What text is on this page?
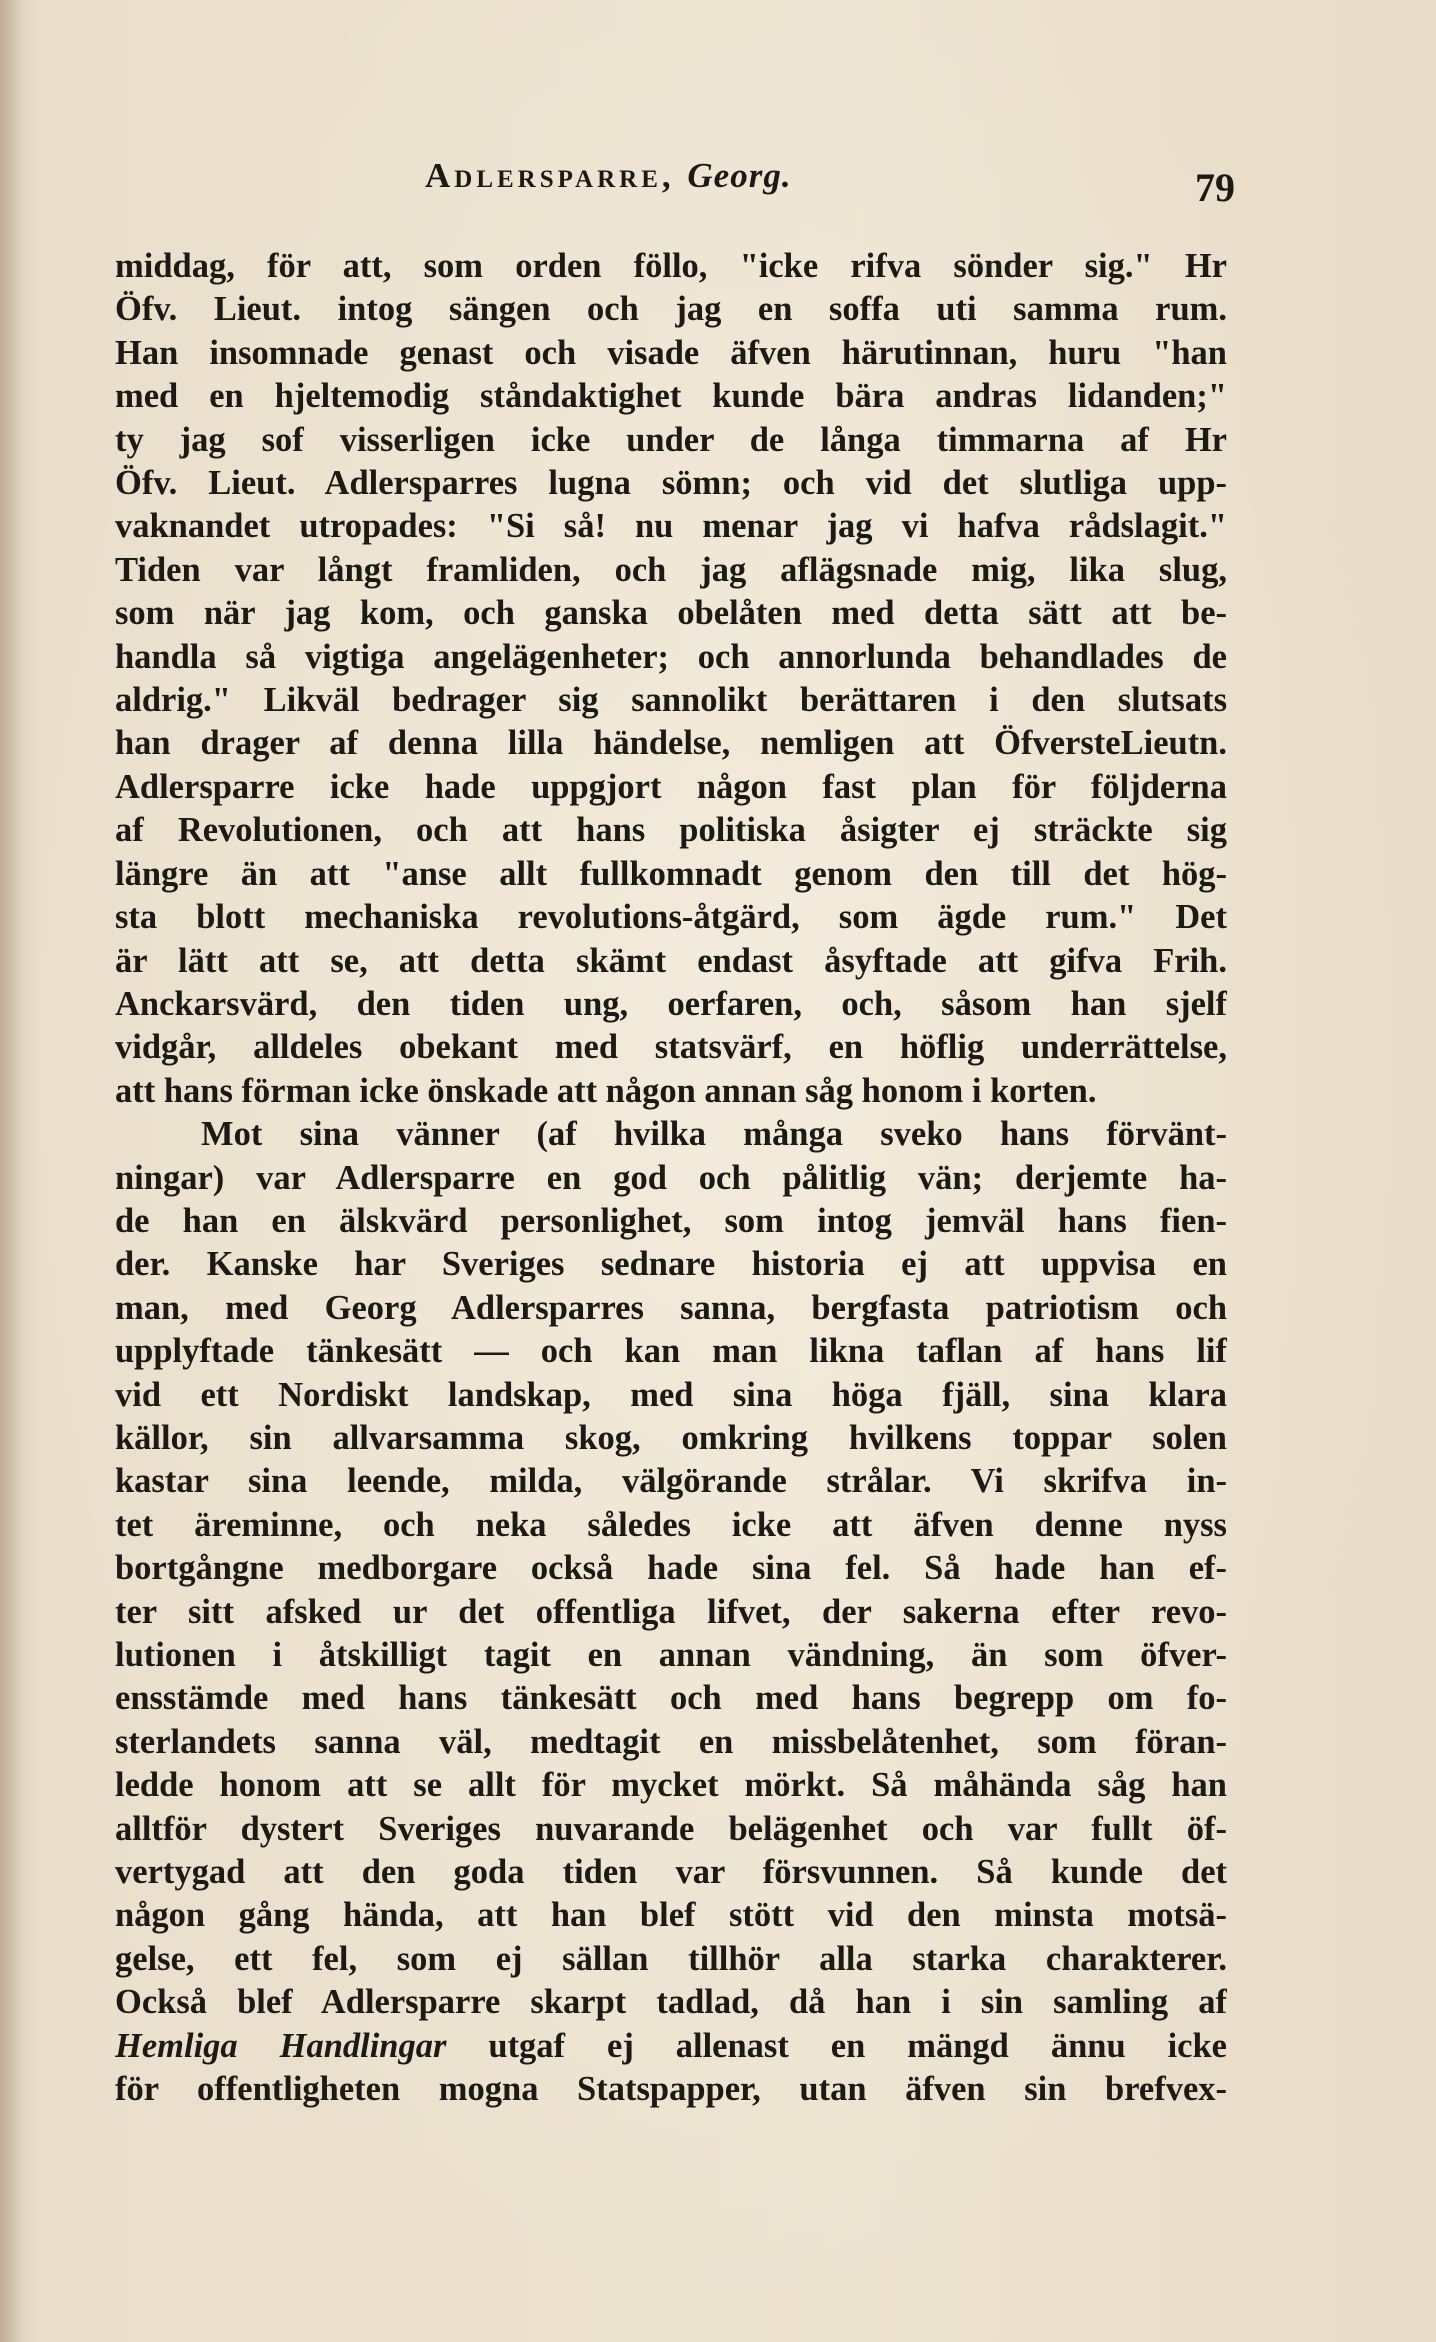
Adlersparre, Georg.	79
middag, för att, som orden föllo, "icke rifva sönder sig." Hr
Öfv. Lieut. intog sängen och jag en soffa uti samma rum.
Han insomnade genast och visade äfven härutinnan, huru "han
med en hjeltemodig ståndaktighet kunde bära andras lidanden;"
ty jag sof visserligen icke under de långa timmarna af Hr
Öfv. Lieut. Adlersparres lugna sömn; och vid det slutliga upp-
vaknandet utropades: "Si så! nu menar jag vi hafva rådslagit."
Tiden var långt framliden, och jag aflägsnade mig, lika slug,
som när jag kom, och ganska obelåten med detta sätt att be-
handla så vigtiga angelägenheter; och annorlunda behandlades de
aldrig." Likväl bedrager sig sannolikt berättaren i den slutsats
han drager af denna lilla händelse, nemligen att ÖfversteLieutn.
Adlersparre icke hade uppgjort någon fast plan för följderna
af Revolutionen, och att hans politiska åsigter ej sträckte sig
längre än att "anse allt fullkomnadt genom den till det hög-
sta blott mechaniska revolutions-åtgärd, som ägde rum." Det
är lätt att se, att detta skämt endast åsyftade att gifva Frih.
Anckarsvärd, den tiden ung, oerfaren, och, såsom han sjelf
vidgår, alldeles obekant med statsvärf, en höflig underrättelse,
att hans förman icke önskade att någon annan såg honom i korten.
Mot sina vänner (af hvilka många sveko hans förvänt-
ningar) var Adlersparre en god och pålitlig vän; derjemte ha-
de han en älskvärd personlighet, som intog jemväl hans fien-
der. Kanske har Sveriges sednare historia ej att uppvisa en
man, med Georg Adlersparres sanna, bergfasta patriotism och
upplyftade tänkesätt — och kan man likna taflan af hans lif
vid ett Nordiskt landskap, med sina höga fjäll, sina klara
källor, sin allvarsamma skog, omkring hvilkens toppar solen
kastar sina leende, milda, välgörande strålar. Vi skrifva in-
tet äreminne, och neka således icke att äfven denne nyss
bortgångne medborgare också hade sina fel. Så hade han ef-
ter sitt afsked ur det offentliga lifvet, der sakerna efter revo-
lutionen i åtskilligt tagit en annan vändning, än som öfver-
ensstämde med hans tänkesätt och med hans begrepp om fo-
sterlandets sanna väl, medtagit en missbelåtenhet, som föran-
ledde honom att se allt för mycket mörkt. Så måhända såg han
alltför dystert Sveriges nuvarande belägenhet och var fullt öf-
vertygad att den goda tiden var försvunnen. Så kunde det
någon gång hända, att han blef stött vid den minsta motsä-
gelse, ett fel, som ej sällan tillhör alla starka charakterer.
Också blef Adlersparre skarpt tadlad, då han i sin samling af
Hemliga Handlingar utgaf ej allenast en mängd ännu icke
för offentligheten mogna Statspapper, utan äfven sin brefvex-
